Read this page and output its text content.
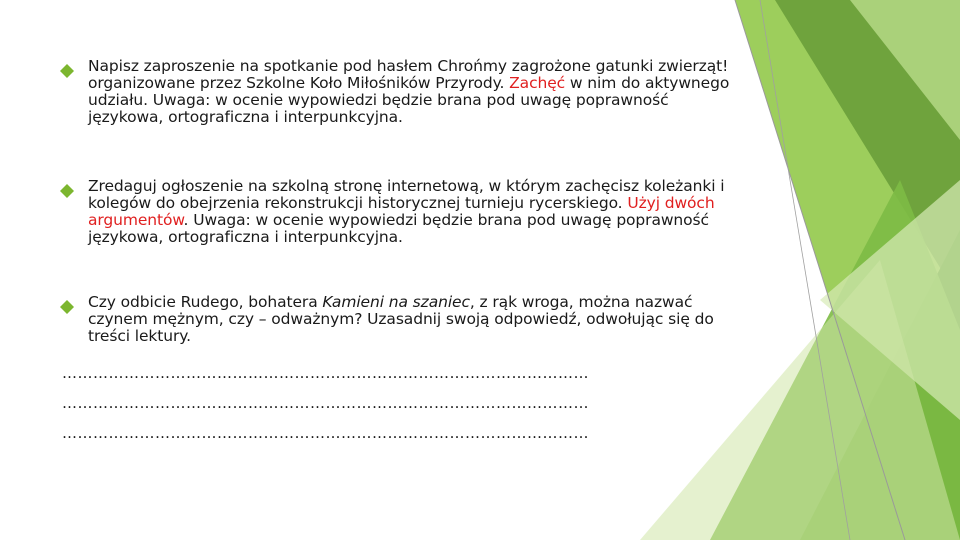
Napisz zaproszenie na spotkanie pod hasłem Chrońmy zagrożone gatunki zwierząt! organizowane przez Szkolne Koło Miłośników Przyrody. Zachęć w nim do aktywnego udziału. Uwaga: w ocenie wypowiedzi będzie brana pod uwagę poprawność językowa, ortograficzna i interpunkcyjna.
Zredaguj ogłoszenie na szkolną stronę internetową, w którym zachęcisz koleżanki i kolegów do obejrzenia rekonstrukcji historycznej turnieju rycerskiego. Użyj dwóch argumentów. Uwaga: w ocenie wypowiedzi będzie brana pod uwagę poprawność językowa, ortograficzna i interpunkcyjna.
Czy odbicie Rudego, bohatera Kamieni na szaniec, z rąk wroga, można nazwać czynem mężnym, czy – odważnym? Uzasadnij swoją odpowiedź, odwołując się do treści lektury.
…………………………………………………………………………………………
…………………………………………………………………………………………
…………………………………………………………………………………………
